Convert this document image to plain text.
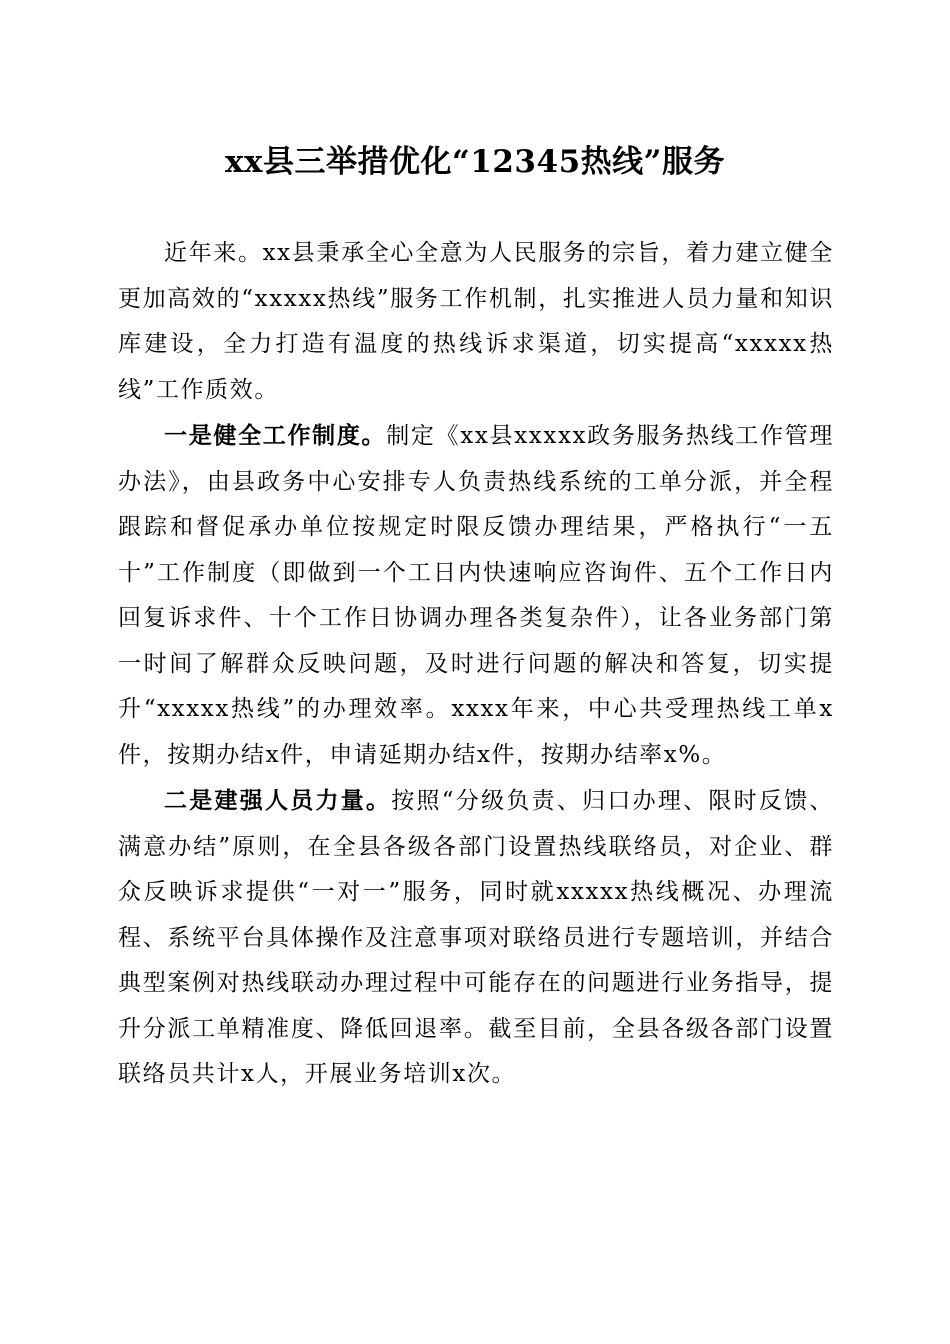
xx县三举措优化“12345热线”服务

近年来。xx县秉承全心全意为人民服务的宗旨，着力建立健全更加高效的“xxxxx热线”服务工作机制，扎实推进人员力量和知识库建设，全力打造有温度的热线诉求渠道，切实提高“xxxxx热线”工作质效。

一是健全工作制度。制定《xx县xxxxx政务服务热线工作管理办法》，由县政务中心安排专人负责热线系统的工单分派，并全程跟踪和督促承办单位按规定时限反馈办理结果，严格执行“一五十”工作制度（即做到一个工日内快速响应咨询件、五个工作日内回复诉求件、十个工作日协调办理各类复杂件），让各业务部门第一时间了解群众反映问题，及时进行问题的解决和答复，切实提升“xxxxx热线”的办理效率。xxxx年来，中心共受理热线工单x件，按期办结x件，申请延期办结x件，按期办结率x%。

二是建强人员力量。按照“分级负责、归口办理、限时反馈、满意办结”原则，在全县各级各部门设置热线联络员，对企业、群众反映诉求提供“一对一”服务，同时就xxxxx热线概况、办理流程、系统平台具体操作及注意事项对联络员进行专题培训，并结合典型案例对热线联动办理过程中可能存在的问题进行业务指导，提升分派工单精准度、降低回退率。截至目前，全县各级各部门设置联络员共计x人，开展业务培训x次。
